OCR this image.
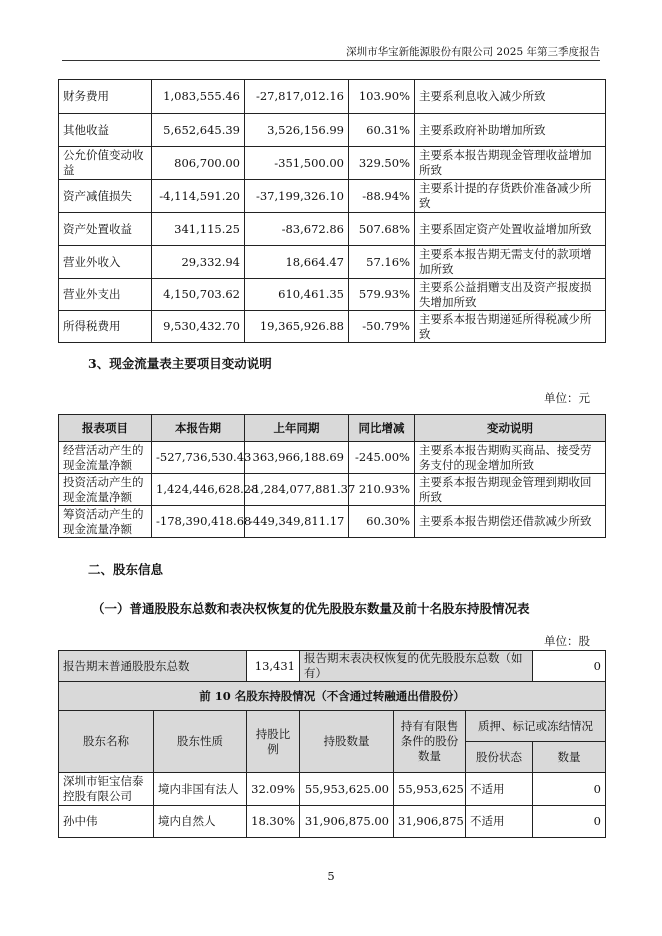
深圳市华宝新能源股份有限公司 2025 年第三季度报告
财务费用	1,083,555.46	-27,817,012.16	103.90%	主要系利息收入减少所致
其他收益	5,652,645.39	3,526,156.99	60.31%	主要系政府补助增加所致
公允价值变动收益	806,700.00	-351,500.00	329.50%	主要系本报告期现金管理收益增加所致
资产减值损失	-4,114,591.20	-37,199,326.10	-88.94%	主要系计提的存货跌价准备减少所致
资产处置收益	341,115.25	-83,672.86	507.68%	主要系固定资产处置收益增加所致
营业外收入	29,332.94	18,664.47	57.16%	主要系本报告期无需支付的款项增加所致
营业外支出	4,150,703.62	610,461.35	579.93%	主要系公益捐赠支出及资产报废损失增加所致
所得税费用	9,530,432.70	19,365,926.88	-50.79%	主要系本报告期递延所得税减少所致
3、现金流量表主要项目变动说明
单位：元
报表项目	本报告期	上年同期	同比增减	变动说明
经营活动产生的现金流量净额	-527,736,530.43	363,966,188.69	-245.00%	主要系本报告期购买商品、接受劳务支付的现金增加所致
投资活动产生的现金流量净额	1,424,446,628.28	-1,284,077,881.37	210.93%	主要系本报告期现金管理到期收回所致
筹资活动产生的现金流量净额	-178,390,418.68	-449,349,811.17	60.30%	主要系本报告期偿还借款减少所致
二、股东信息
（一）普通股股东总数和表决权恢复的优先股股东数量及前十名股东持股情况表
单位：股
报告期末普通股股东总数		13,431	报告期末表决权恢复的优先股股东总数（如有）			0
前 10 名股东持股情况（不含通过转融通出借股份）						
股东名称	股东性质	持股比例	持股数量	持有有限售条件的股份数量	质押、标记或冻结情况	
					股份状态	数量
深圳市钜宝信泰控股有限公司	境内非国有法人	32.09%	55,953,625.00	55,953,625	不适用	0
孙中伟	境内自然人	18.30%	31,906,875.00	31,906,875	不适用	0
5
